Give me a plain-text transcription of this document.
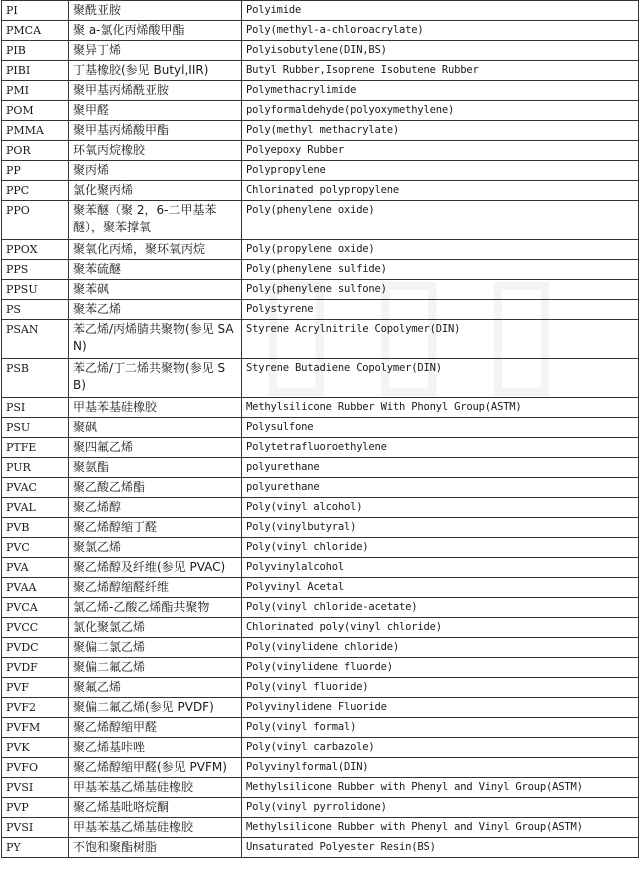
PI	聚酰亚胺	Polyimide
PMCA	聚 a-氯化丙烯酸甲酯	Poly(methyl-a-chloroacrylate)
PIB	聚异丁烯	Polyisobutylene(DIN,BS)
PIBI	丁基橡胶(参见 Butyl,IIR)	Butyl Rubber,Isoprene Isobutene Rubber
PMI	聚甲基丙烯酰亚胺	Polymethacrylimide
POM	聚甲醛	polyformaldehyde(polyoxymethylene)
PMMA	聚甲基丙烯酸甲酯	Poly(methyl methacrylate)
POR	环氧丙烷橡胶	Polyepoxy Rubber
PP	聚丙烯	Polypropylene
PPC	氯化聚丙烯	Chlorinated polypropylene
PPO	聚苯醚（聚 2，6-二甲基苯醚），聚苯撑氧	Poly(phenylene oxide)
PPOX	聚氧化丙烯，聚环氧丙烷	Poly(propylene oxide)
PPS	聚苯硫醚	Poly(phenylene sulfide)
PPSU	聚苯砜	Poly(phenylene sulfone)
PS	聚苯乙烯	Polystyrene
PSAN	苯乙烯/丙烯腈共聚物(参见 SAN)	Styrene Acrylnitrile Copolymer(DIN)
PSB	苯乙烯/丁二烯共聚物(参见 SB)	Styrene Butadiene Copolymer(DIN)
PSI	甲基苯基硅橡胶	Methylsilicone Rubber With Phonyl Group(ASTM)
PSU	聚砜	Polysulfone
PTFE	聚四氟乙烯	Polytetrafluoroethylene
PUR	聚氨酯	polyurethane
PVAC	聚乙酸乙烯酯	polyurethane
PVAL	聚乙烯醇	Poly(vinyl alcohol)
PVB	聚乙烯醇缩丁醛	Poly(vinylbutyral)
PVC	聚氯乙烯	Poly(vinyl chloride)
PVA	聚乙烯醇及纤维(参见 PVAC)	Polyvinylalcohol
PVAA	聚乙烯醇缩醛纤维	Polyvinyl Acetal
PVCA	氯乙烯-乙酸乙烯酯共聚物	Poly(vinyl chloride-acetate)
PVCC	氯化聚氯乙烯	Chlorinated poly(vinyl chloride)
PVDC	聚偏二氯乙烯	Poly(vinylidene chloride)
PVDF	聚偏二氟乙烯	Poly(vinylidene fluorde)
PVF	聚氟乙烯	Poly(vinyl fluoride)
PVF2	聚偏二氟乙烯(参见 PVDF)	Polyvinylidene Fluoride
PVFM	聚乙烯醇缩甲醛	Poly(vinyl formal)
PVK	聚乙烯基咔唑	Poly(vinyl carbazole)
PVFO	聚乙烯醇缩甲醛(参见 PVFM)	Polyvinylformal(DIN)
PVSI	甲基苯基乙烯基硅橡胶	Methylsilicone Rubber with Phenyl and Vinyl Group(ASTM)
PVP	聚乙烯基吡咯烷酮	Poly(vinyl pyrrolidone)
PVSI	甲基苯基乙烯基硅橡胶	Methylsilicone Rubber with Phenyl and Vinyl Group(ASTM)
PY	不饱和聚酯树脂	Unsaturated Polyester Resin(BS)
